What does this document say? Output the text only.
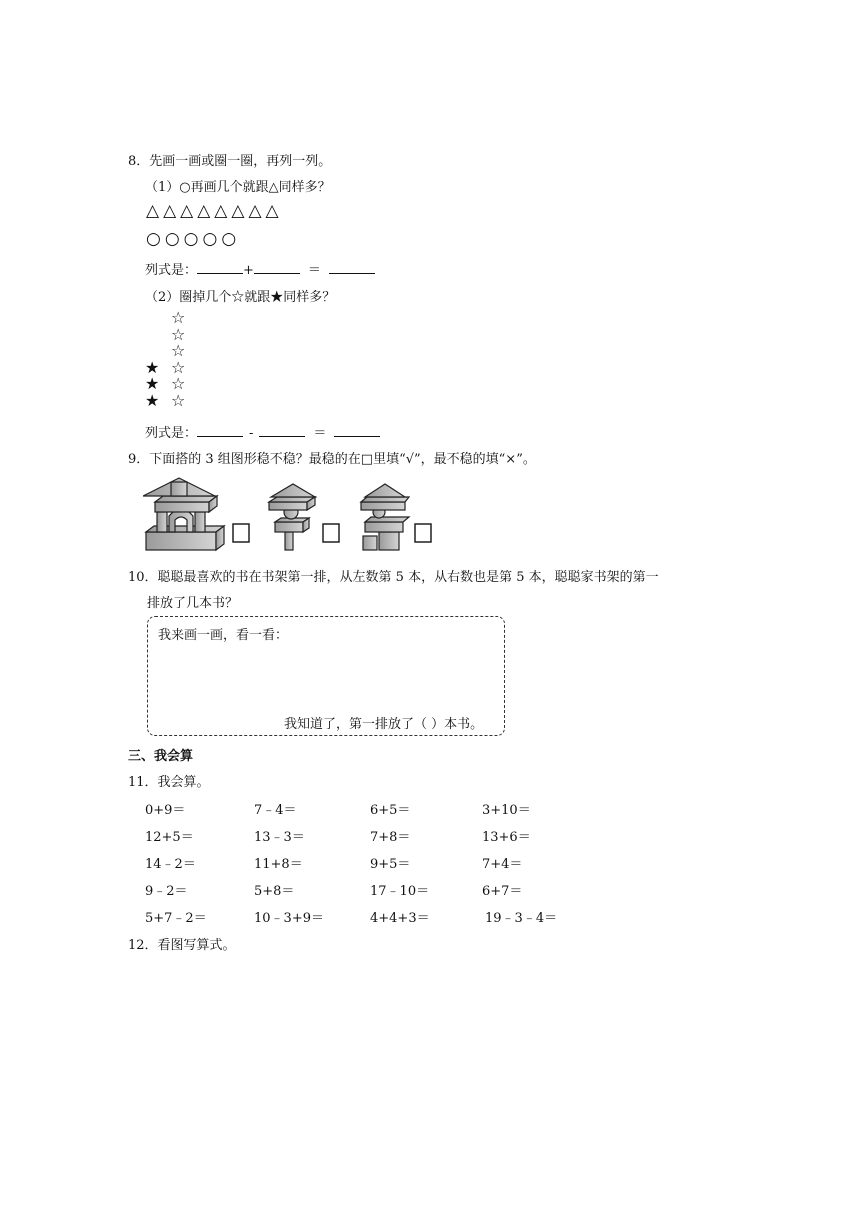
8．先画一画或圈一圈，再列一列。
（1）○再画几个就跟△同样多？
△△△△△△△△
○○○○○
列式是：	+	＝
（2）圈掉几个☆就跟★同样多？
☆
☆
☆
☆
☆
☆
★
★
★
列式是：	-	＝
9．下面搭的 3 组图形稳不稳？最稳的在□里填“√”，最不稳的填“×”。
10．聪聪最喜欢的书在书架第一排，从左数第 5 本，从右数也是第 5 本，聪聪家书架的第一
排放了几本书？
我来画一画，看一看：
我知道了，第一排放了（ ）本书。
三、我会算
11．我会算。
0+9＝	7﹣4＝	6+5＝	3+10＝
12+5＝	13﹣3＝	7+8＝	13+6＝
14﹣2＝	11+8＝	9+5＝	7+4＝
9﹣2＝	5+8＝	17﹣10＝	6+7＝
5+7﹣2＝	10﹣3+9＝	4+4+3＝	19﹣3﹣4＝
12．看图写算式。
